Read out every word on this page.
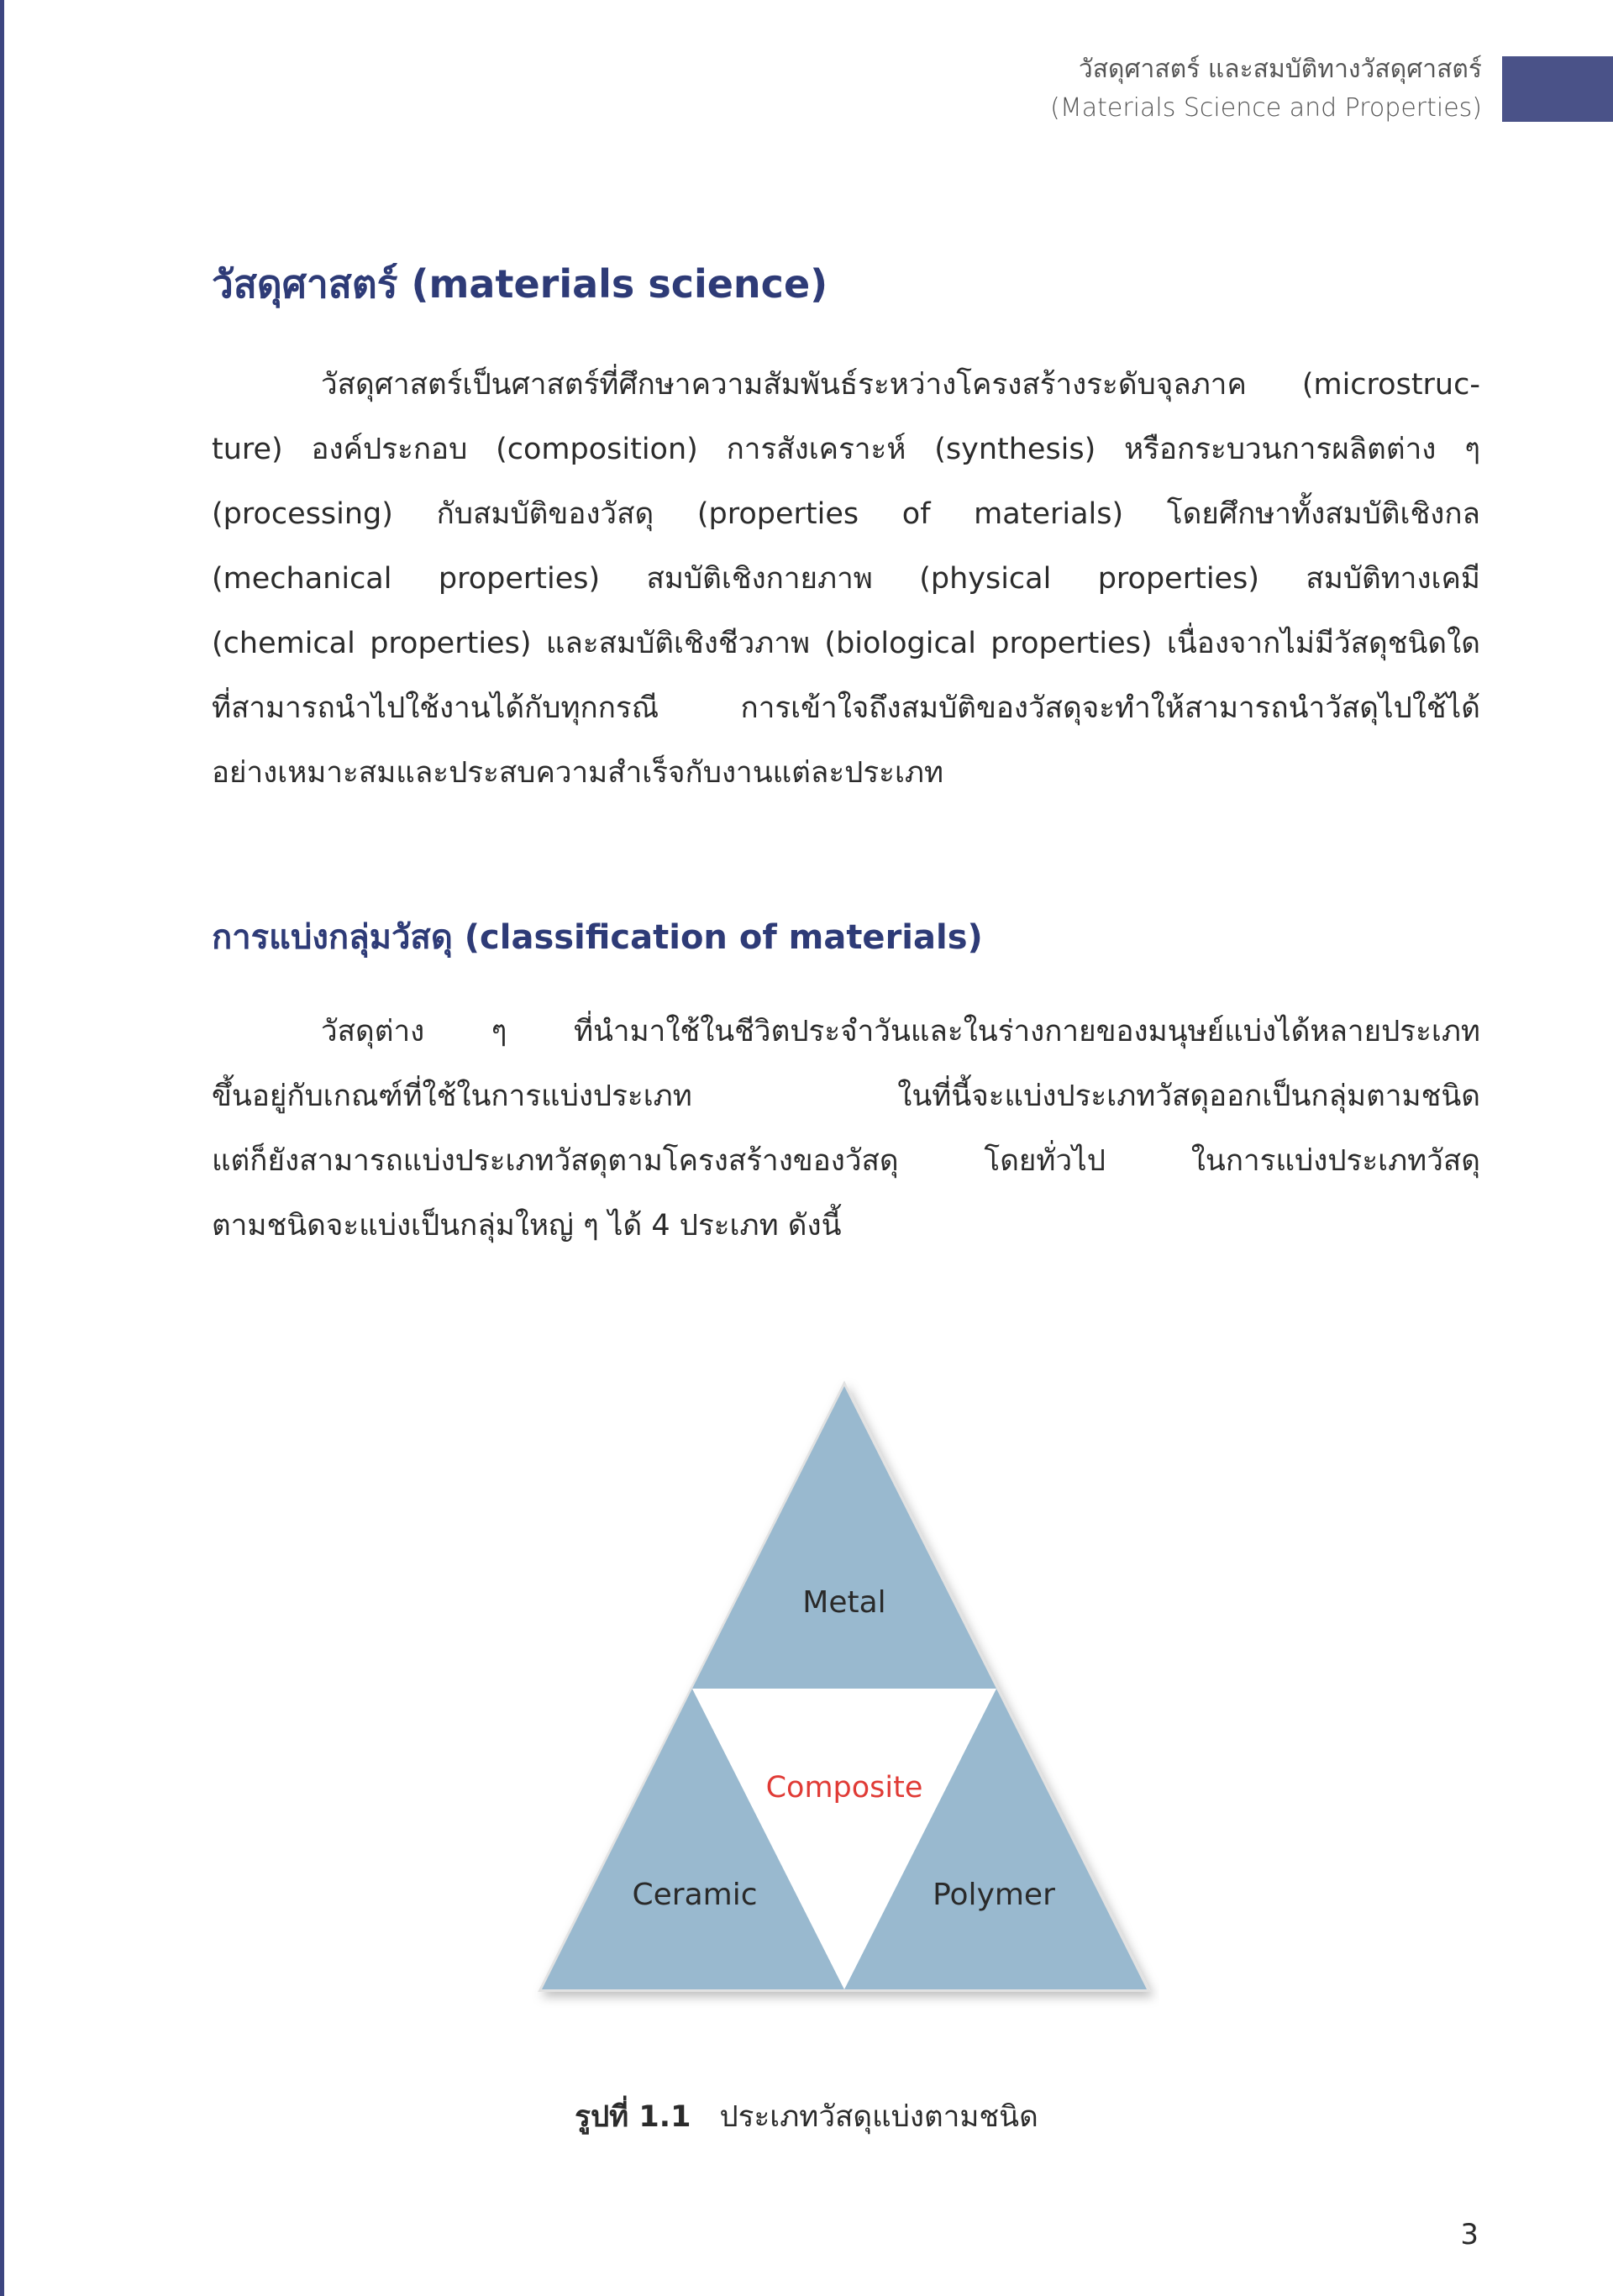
วัสดุศาสตร์ และสมบัติทางวัสดุศาสตร์
(Materials Science and Properties)
วัสดุศาสตร์ (materials science)
วัสดุศาสตร์เป็นศาสตร์ที่ศึกษาความสัมพันธ์ระหว่างโครงสร้างระดับจุลภาค (microstruc-
ture) องค์ประกอบ (composition) การสังเคราะห์ (synthesis) หรือกระบวนการผลิตต่าง ๆ
(processing) กับสมบัติของวัสดุ (properties of materials) โดยศึกษาทั้งสมบัติเชิงกล
(mechanical properties) สมบัติเชิงกายภาพ (physical properties) สมบัติทางเคมี
(chemical properties) และสมบัติเชิงชีวภาพ (biological properties) เนื่องจากไม่มีวัสดุชนิดใด
ที่สามารถนำไปใช้งานได้กับทุกกรณี การเข้าใจถึงสมบัติของวัสดุจะทำให้สามารถนำวัสดุไปใช้ได้
อย่างเหมาะสมและประสบความสำเร็จกับงานแต่ละประเภท
การแบ่งกลุ่มวัสดุ (classification of materials)
วัสดุต่าง ๆ ที่นำมาใช้ในชีวิตประจำวันและในร่างกายของมนุษย์แบ่งได้หลายประเภท
ขึ้นอยู่กับเกณฑ์ที่ใช้ในการแบ่งประเภท ในที่นี้จะแบ่งประเภทวัสดุออกเป็นกลุ่มตามชนิด
แต่ก็ยังสามารถแบ่งประเภทวัสดุตามโครงสร้างของวัสดุ โดยทั่วไป ในการแบ่งประเภทวัสดุ
ตามชนิดจะแบ่งเป็นกลุ่มใหญ่ ๆ ได้ 4 ประเภท ดังนี้
Metal
Composite
Ceramic	Polymer
รูปที่ 1.1 ประเภทวัสดุแบ่งตามชนิด
3
